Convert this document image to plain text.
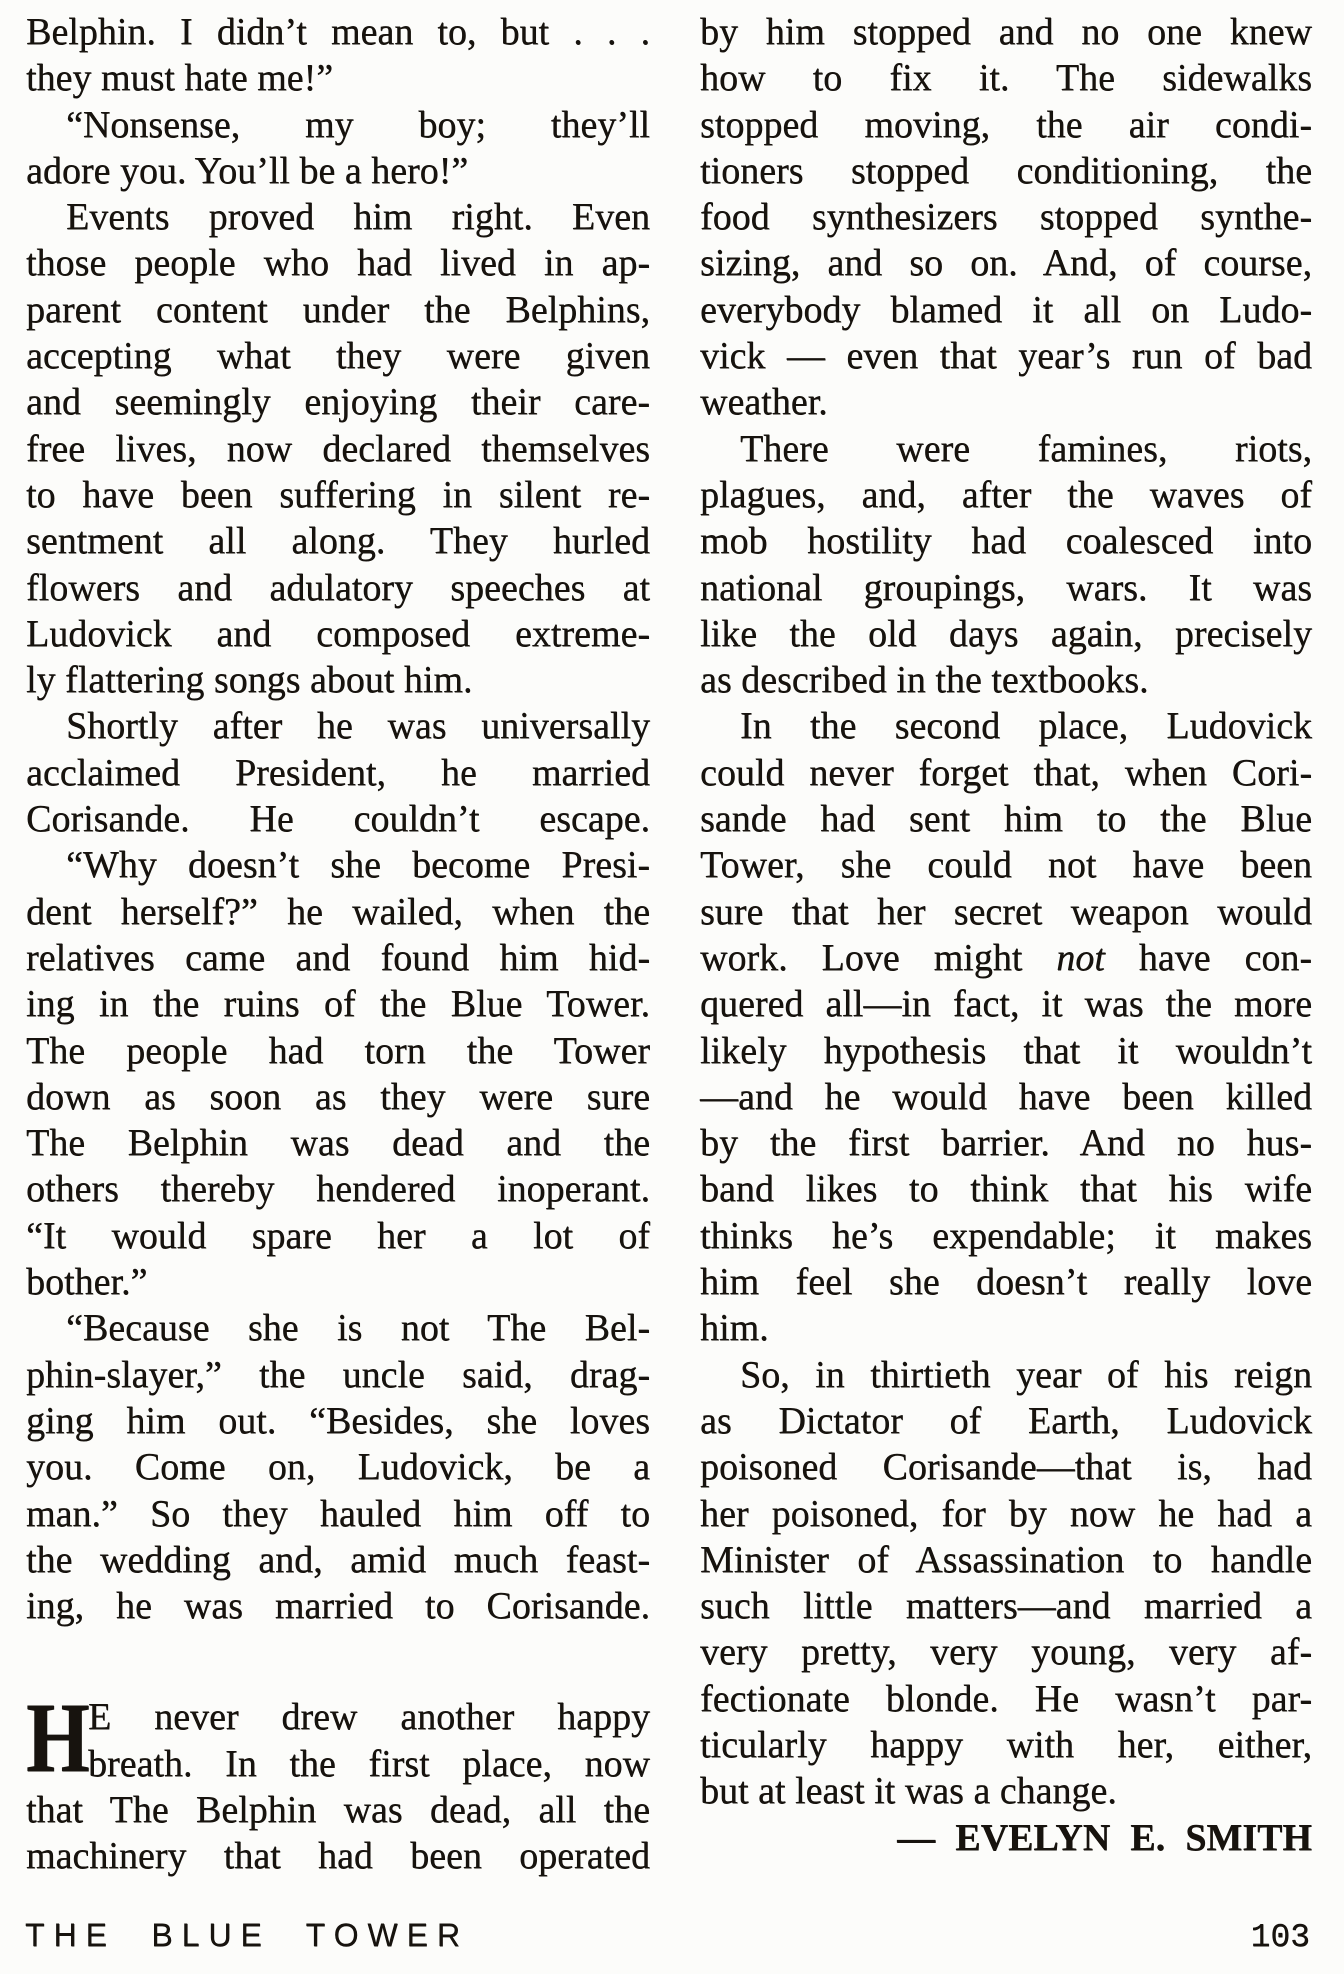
Belphin. I didn’t mean to, but . . .
they must hate me!”
“Nonsense, my boy; they’ll
adore you. You’ll be a hero!”
Events proved him right. Even
those people who had lived in ap-
parent content under the Belphins,
accepting what they were given
and seemingly enjoying their care-
free lives, now declared themselves
to have been suffering in silent re-
sentment all along. They hurled
flowers and adulatory speeches at
Ludovick and composed extreme-
ly flattering songs about him.
Shortly after he was universally
acclaimed President, he married
Corisande. He couldn’t escape.
“Why doesn’t she become Presi-
dent herself?” he wailed, when the
relatives came and found him hid-
ing in the ruins of the Blue Tower.
The people had torn the Tower
down as soon as they were sure
The Belphin was dead and the
others thereby hendered inoperant.
“It would spare her a lot of
bother.”
“Because she is not The Bel-
phin-slayer,” the uncle said, drag-
ging him out. “Besides, she loves
you. Come on, Ludovick, be a
man.” So they hauled him off to
the wedding and, amid much feast-
ing, he was married to Corisande.
H
E never drew another happy
breath. In the first place, now
that The Belphin was dead, all the
machinery that had been operated
by him stopped and no one knew
how to fix it. The sidewalks
stopped moving, the air condi-
tioners stopped conditioning, the
food synthesizers stopped synthe-
sizing, and so on. And, of course,
everybody blamed it all on Ludo-
vick — even that year’s run of bad
weather.
There were famines, riots,
plagues, and, after the waves of
mob hostility had coalesced into
national groupings, wars. It was
like the old days again, precisely
as described in the textbooks.
In the second place, Ludovick
could never forget that, when Cori-
sande had sent him to the Blue
Tower, she could not have been
sure that her secret weapon would
work. Love might not have con-
quered all—in fact, it was the more
likely hypothesis that it wouldn’t
—and he would have been killed
by the first barrier. And no hus-
band likes to think that his wife
thinks he’s expendable; it makes
him feel she doesn’t really love
him.
So, in thirtieth year of his reign
as Dictator of Earth, Ludovick
poisoned Corisande—that is, had
her poisoned, for by now he had a
Minister of Assassination to handle
such little matters—and married a
very pretty, very young, very af-
fectionate blonde. He wasn’t par-
ticularly happy with her, either,
but at least it was a change.
— EVELYN E. SMITH
THE BLUE TOWER	103
